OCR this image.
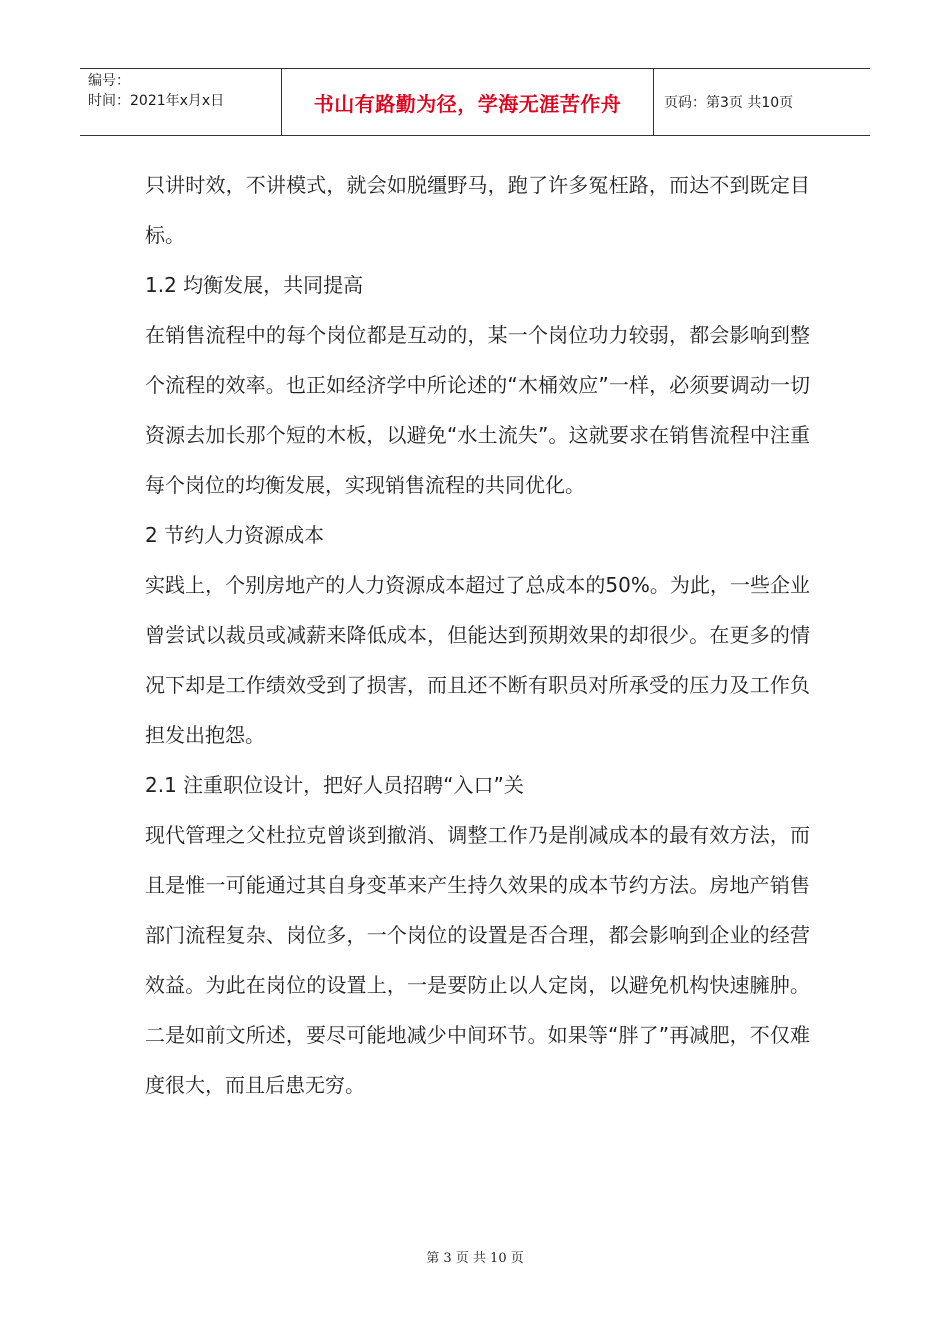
编号：
时间：2021年x月x日	书山有路勤为径，学海无涯苦作舟	页码：第3页 共10页

只讲时效，不讲模式，就会如脱缰野马，跑了许多冤枉路，而达不到既定目标。

1.2 均衡发展，共同提高

在销售流程中的每个岗位都是互动的，某一个岗位功力较弱，都会影响到整个流程的效率。也正如经济学中所论述的“木桶效应”一样，必须要调动一切资源去加长那个短的木板，以避免“水土流失”。这就要求在销售流程中注重每个岗位的均衡发展，实现销售流程的共同优化。

2 节约人力资源成本

实践上，个别房地产的人力资源成本超过了总成本的50%。为此，一些企业曾尝试以裁员或减薪来降低成本，但能达到预期效果的却很少。在更多的情况下却是工作绩效受到了损害，而且还不断有职员对所承受的压力及工作负担发出抱怨。

2.1 注重职位设计，把好人员招聘“入口”关

现代管理之父杜拉克曾谈到撤消、调整工作乃是削减成本的最有效方法，而且是惟一可能通过其自身变革来产生持久效果的成本节约方法。房地产销售部门流程复杂、岗位多，一个岗位的设置是否合理，都会影响到企业的经营效益。为此在岗位的设置上，一是要防止以人定岗，以避免机构快速臃肿。二是如前文所述，要尽可能地减少中间环节。如果等“胖了”再减肥，不仅难度很大，而且后患无穷。

第 3 页 共 10 页
